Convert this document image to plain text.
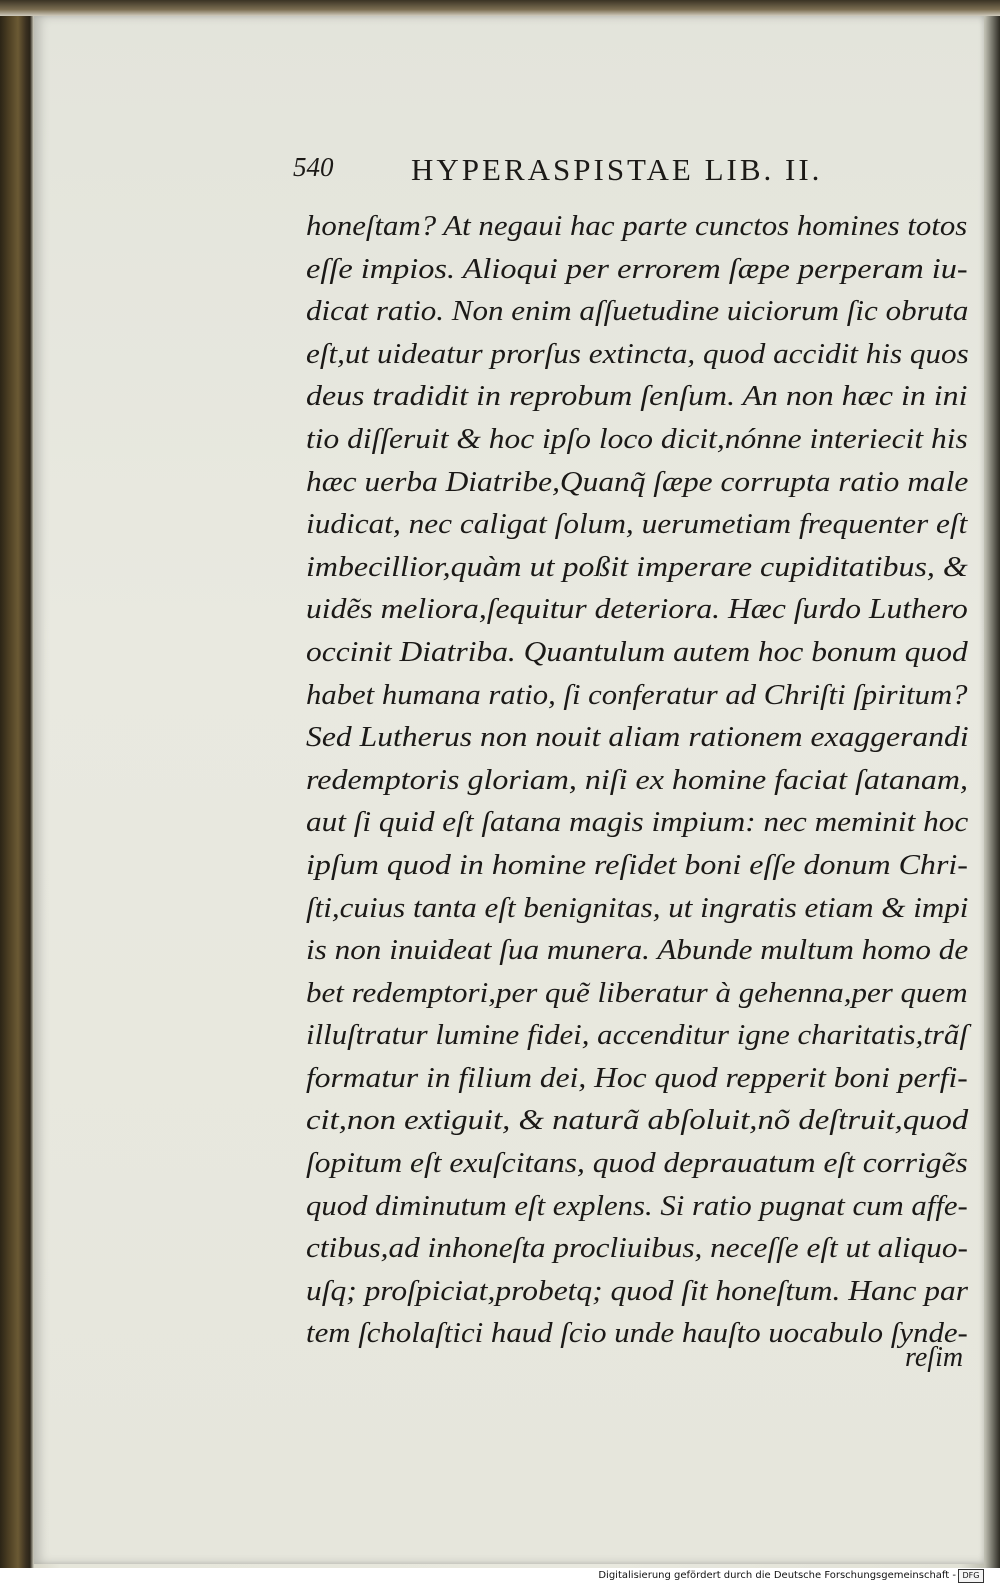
540	HYPERASPISTAE LIB. II.
honeſtam? At negaui hac parte cunctos homines totos
eſſe impios. Alioqui per errorem ſæpe perperam iu-
dicat ratio. Non enim aſſuetudine uiciorum ſic obruta
eſt,ut uideatur prorſus extincta, quod accidit his quos
deus tradidit in reprobum ſenſum. An non hæc in ini
tio diſſeruit & hoc ipſo loco dicit,nónne interiecit his
hæc uerba Diatribe,Quanq̃ ſæpe corrupta ratio male
iudicat, nec caligat ſolum, uerumetiam frequenter eſt
imbecillior,quàm ut poßit imperare cupiditatibus, &
uidẽs meliora,ſequitur deteriora. Hæc ſurdo Luthero
occinit Diatriba. Quantulum autem hoc bonum quod
habet humana ratio, ſi conferatur ad Chriſti ſpiritum?
Sed Lutherus non nouit aliam rationem exaggerandi
redemptoris gloriam, niſi ex homine faciat ſatanam,
aut ſi quid eſt ſatana magis impium: nec meminit hoc
ipſum quod in homine reſidet boni eſſe donum Chri-
ſti,cuius tanta eſt benignitas, ut ingratis etiam & impi
is non inuideat ſua munera. Abunde multum homo de
bet redemptori,per quẽ liberatur à gehenna,per quem
illuſtratur lumine fidei, accenditur igne charitatis,trãſ
formatur in filium dei, Hoc quod repperit boni perfi-
cit,non extiguit, & naturã abſoluit,nõ deſtruit,quod
ſopitum eſt exuſcitans, quod deprauatum eſt corrigẽs
quod diminutum eſt explens. Si ratio pugnat cum affe-
ctibus,ad inhoneſta procliuibus, neceſſe eſt ut aliquo-
uſq; proſpiciat,probetq; quod ſit honeſtum. Hanc par
tem ſcholaſtici haud ſcio unde hauſto uocabulo ſynde-
reſim
Digitalisierung gefördert durch die Deutsche Forschungsgemeinschaft - DFG
